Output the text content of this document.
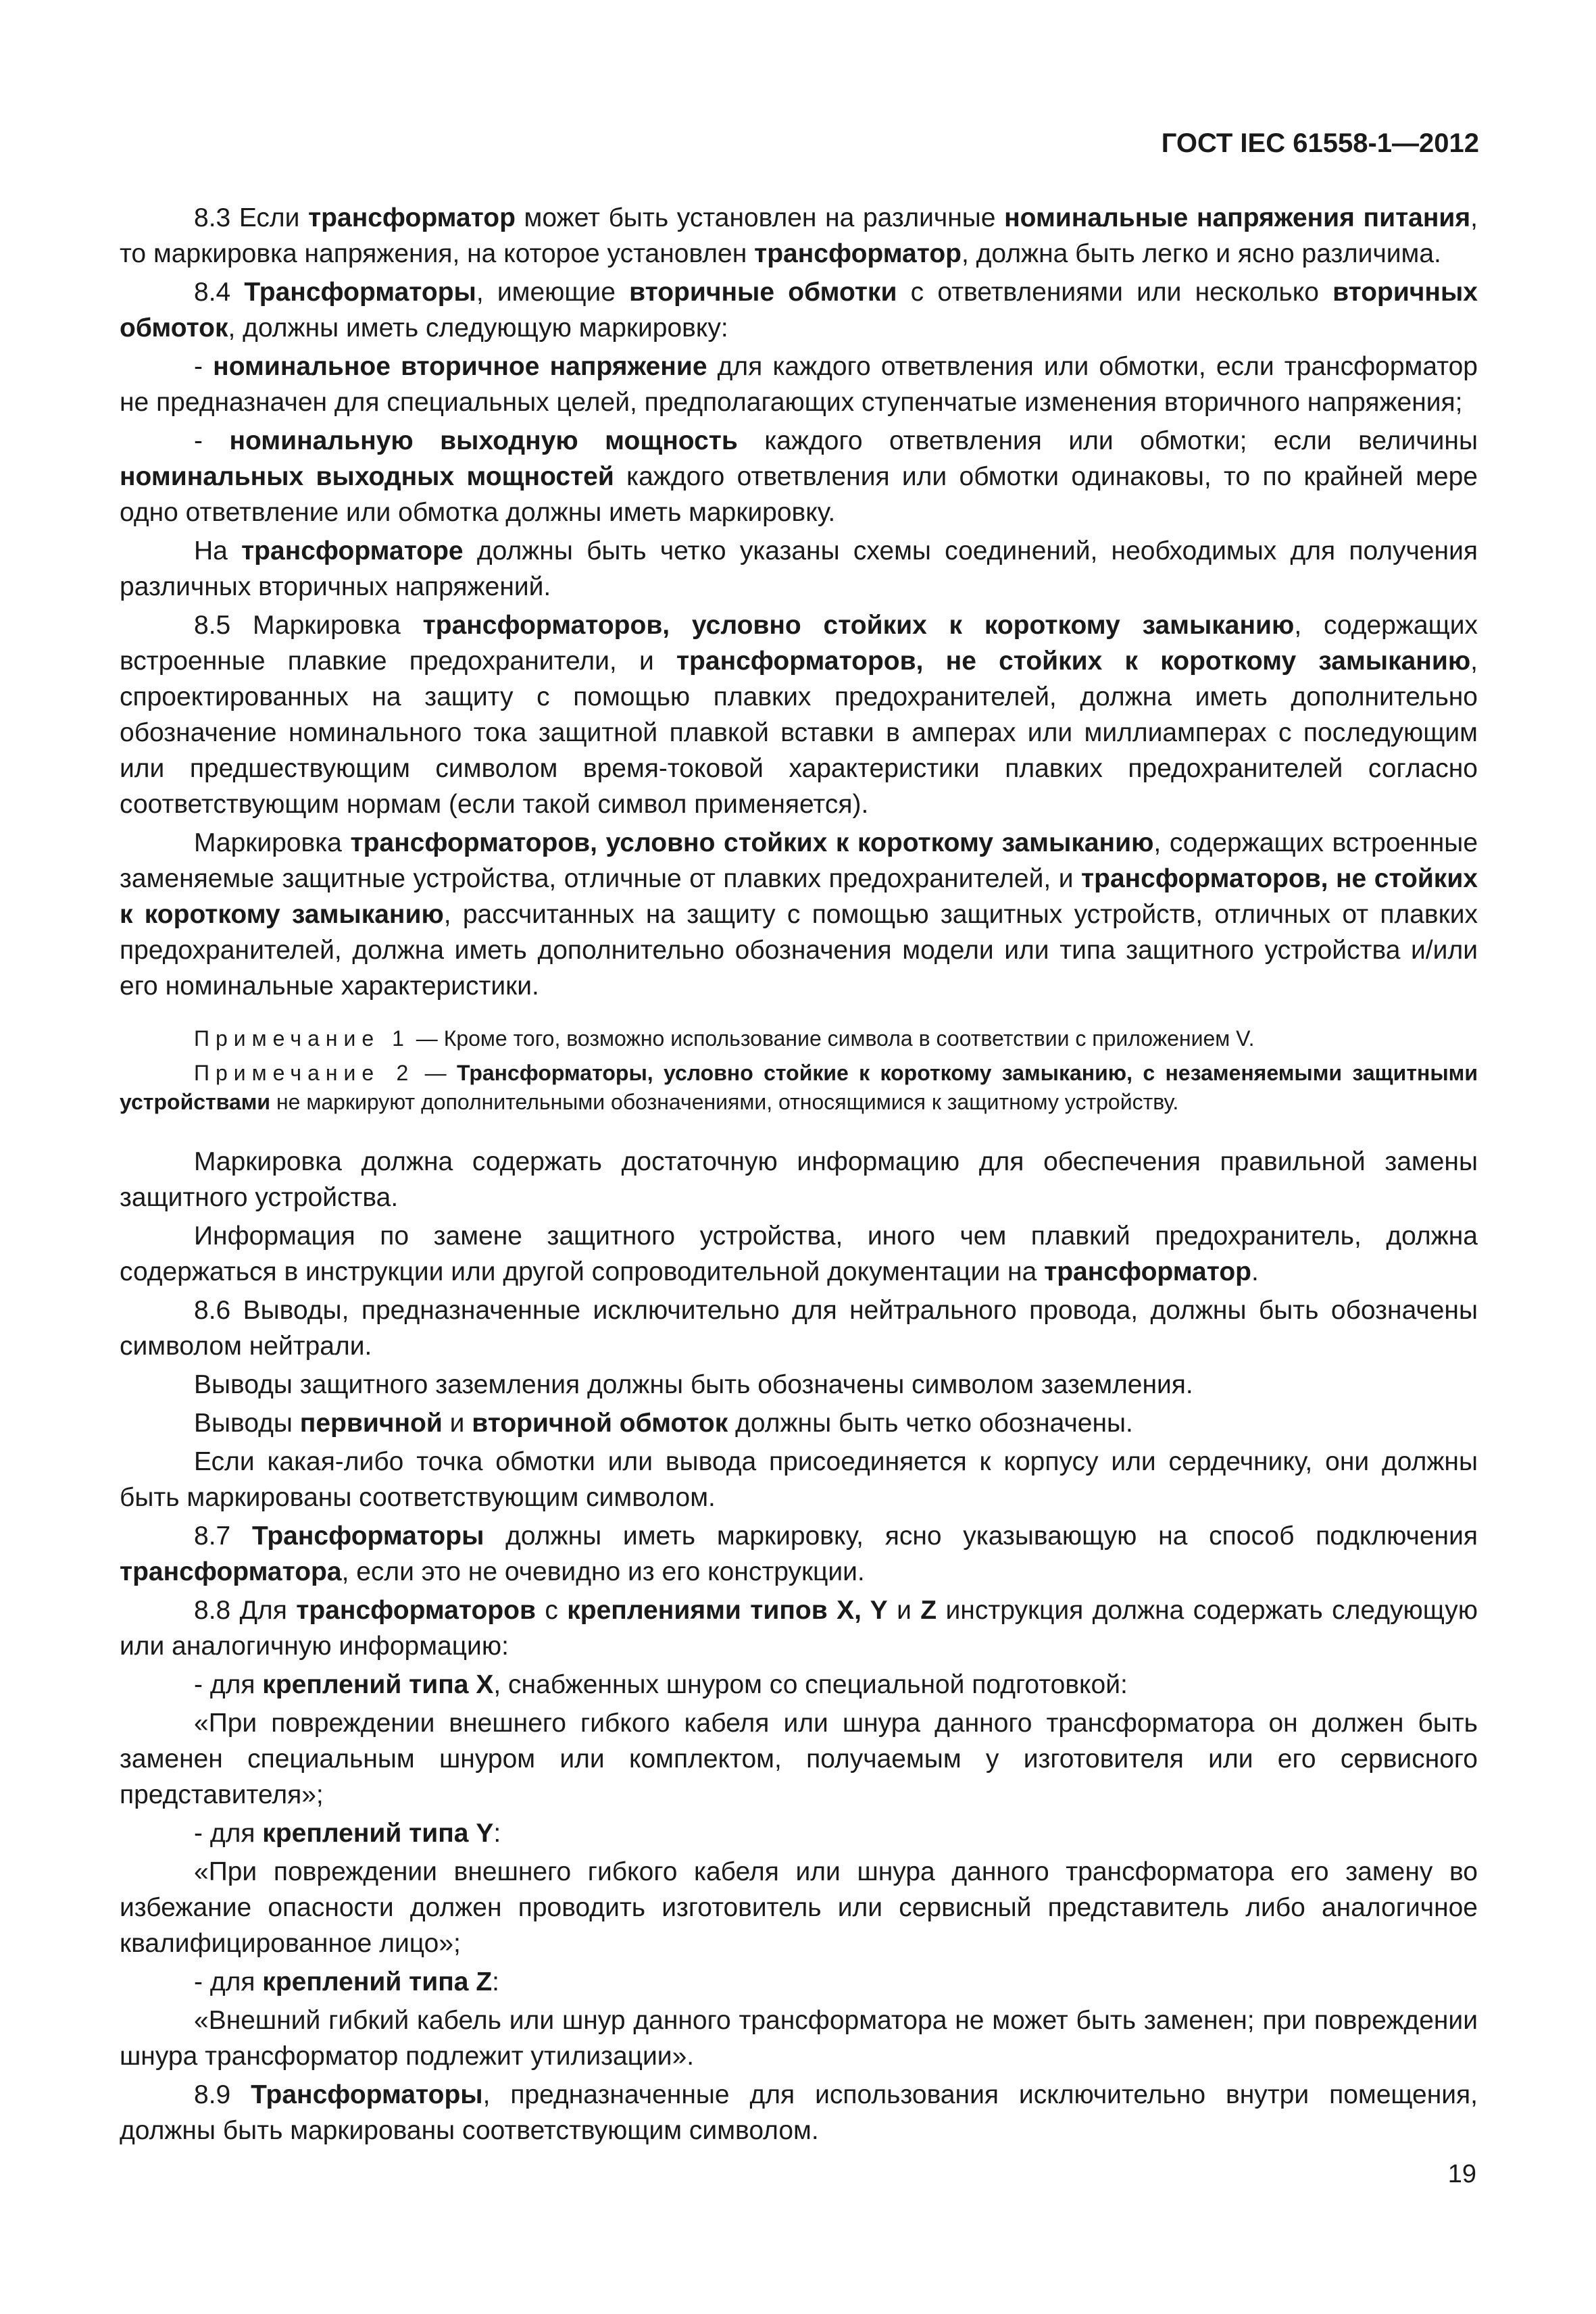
ГОСТ IEC 61558-1—2012

8.3 Если трансформатор может быть установлен на различные номинальные напряжения питания, то маркировка напряжения, на которое установлен трансформатор, должна быть легко и ясно различима.

8.4 Трансформаторы, имеющие вторичные обмотки с ответвлениями или несколько вторичных обмоток, должны иметь следующую маркировку:

- номинальное вторичное напряжение для каждого ответвления или обмотки, если трансформатор не предназначен для специальных целей, предполагающих ступенчатые изменения вторичного напряжения;

- номинальную выходную мощность каждого ответвления или обмотки; если величины номинальных выходных мощностей каждого ответвления или обмотки одинаковы, то по крайней мере одно ответвление или обмотка должны иметь маркировку.

На трансформаторе должны быть четко указаны схемы соединений, необходимых для получения различных вторичных напряжений.

8.5 Маркировка трансформаторов, условно стойких к короткому замыканию, содержащих встроенные плавкие предохранители, и трансформаторов, не стойких к короткому замыканию, спроектированных на защиту с помощью плавких предохранителей, должна иметь дополнительно обозначение номинального тока защитной плавкой вставки в амперах или миллиамперах с последующим или предшествующим символом время-токовой характеристики плавких предохранителей согласно соответствующим нормам (если такой символ применяется).

Маркировка трансформаторов, условно стойких к короткому замыканию, содержащих встроенные заменяемые защитные устройства, отличные от плавких предохранителей, и трансформаторов, не стойких к короткому замыканию, рассчитанных на защиту с помощью защитных устройств, отличных от плавких предохранителей, должна иметь дополнительно обозначения модели или типа защитного устройства и/или его номинальные характеристики.

Примечание 1 — Кроме того, возможно использование символа в соответствии с приложением V.

Примечание 2 — Трансформаторы, условно стойкие к короткому замыканию, с незаменяемыми защитными устройствами не маркируют дополнительными обозначениями, относящимися к защитному устройству.

Маркировка должна содержать достаточную информацию для обеспечения правильной замены защитного устройства.

Информация по замене защитного устройства, иного чем плавкий предохранитель, должна содержаться в инструкции или другой сопроводительной документации на трансформатор.

8.6 Выводы, предназначенные исключительно для нейтрального провода, должны быть обозначены символом нейтрали.

Выводы защитного заземления должны быть обозначены символом заземления.

Выводы первичной и вторичной обмоток должны быть четко обозначены.

Если какая-либо точка обмотки или вывода присоединяется к корпусу или сердечнику, они должны быть маркированы соответствующим символом.

8.7 Трансформаторы должны иметь маркировку, ясно указывающую на способ подключения трансформатора, если это не очевидно из его конструкции.

8.8 Для трансформаторов с креплениями типов X, Y и Z инструкция должна содержать следующую или аналогичную информацию:

- для креплений типа X, снабженных шнуром со специальной подготовкой:

«При повреждении внешнего гибкого кабеля или шнура данного трансформатора он должен быть заменен специальным шнуром или комплектом, получаемым у изготовителя или его сервисного представителя»;

- для креплений типа Y:

«При повреждении внешнего гибкого кабеля или шнура данного трансформатора его замену во избежание опасности должен проводить изготовитель или сервисный представитель либо аналогичное квалифицированное лицо»;

- для креплений типа Z:

«Внешний гибкий кабель или шнур данного трансформатора не может быть заменен; при повреждении шнура трансформатор подлежит утилизации».

8.9 Трансформаторы, предназначенные для использования исключительно внутри помещения, должны быть маркированы соответствующим символом.

19
